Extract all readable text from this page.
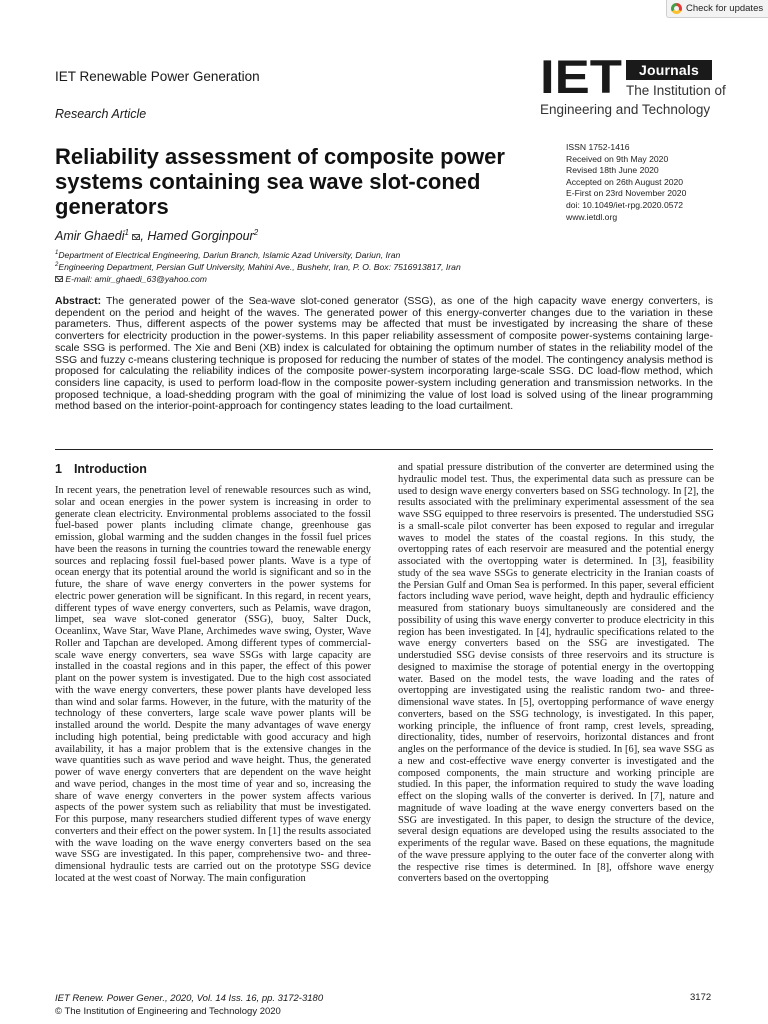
Check for updates
IET Renewable Power Generation
Research Article
IET	Journals
The Institution of
Engineering and Technology
Reliability assessment of composite power systems containing sea wave slot-coned generators
ISSN 1752-1416
Received on 9th May 2020
Revised 18th June 2020
Accepted on 26th August 2020
E-First on 23rd November 2020
doi: 10.1049/iet-rpg.2020.0572
www.ietdl.org
Amir Ghaedi$^1$ , Hamed Gorginpour$^2$
$^1$Department of Electrical Engineering, Dariun Branch, Islamic Azad University, Dariun, Iran
$^2$Engineering Department, Persian Gulf University, Mahini Ave., Bushehr, Iran, P. O. Box: 7516913817, Iran
E-mail: amir_ghaedi_63@yahoo.com

Abstract: The generated power of the Sea-wave slot-coned generator (SSG), as one of the high capacity wave energy converters, is dependent on the period and height of the waves. The generated power of this energy-converter changes due to the variation in these parameters. Thus, different aspects of the power systems may be affected that must be investigated by increasing the share of these converters for electricity production in the power-systems. In this paper reliability assessment of composite power-systems containing large-scale SSG is performed. The Xie and Beni (XB) index is calculated for obtaining the optimum number of states in the reliability model of the SSG and fuzzy c-means clustering technique is proposed for reducing the number of states of the model. The contingency analysis method is proposed for calculating the reliability indices of the composite power-system incorporating large-scale SSG. DC load-flow method, which considers line capacity, is used to perform load-flow in the composite power-system including generation and transmission networks. In the proposed technique, a load-shedding program with the goal of minimizing the value of lost load is solved using of the linear programming method based on the interior-point-approach for contingency states leading to the load curtailment.

1 Introduction

In recent years, the penetration level of renewable resources such as wind, solar and ocean energies in the power system is increasing in order to generate clean electricity. Environmental problems associated to the fossil fuel-based power plants including climate change, greenhouse gas emission, global warming and the sudden changes in the fossil fuel prices have been the reasons in turning the countries toward the renewable energy sources and replacing fossil fuel-based power plants. Wave is a type of ocean energy that its potential around the world is significant and so in the future, the share of wave energy converters in the power systems for electric power generation will be significant. In this regard, in recent years, different types of wave energy converters, such as Pelamis, wave dragon, limpet, sea wave slot-coned generator (SSG), buoy, Salter Duck, Oceanlinx, Wave Star, Wave Plane, Archimedes wave swing, Oyster, Wave Roller and Tapchan are developed. Among different types of commercial-scale wave energy converters, sea wave SSGs with large capacity are installed in the coastal regions and in this paper, the effect of this power plant on the power system is investigated. Due to the high cost associated with the wave energy converters, these power plants have developed less than wind and solar farms. However, in the future, with the maturity of the technology of these converters, large scale wave power plants will be installed around the world. Despite the many advantages of wave energy including high potential, being predictable with good accuracy and high availability, it has a major problem that is the extensive changes in the wave quantities such as wave period and wave height. Thus, the generated power of wave energy converters that are dependent on the wave height and wave period, changes in the most time of year and so, increasing the share of wave energy converters in the power system affects various aspects of the power system such as reliability that must be investigated. For this purpose, many researchers studied different types of wave energy converters and their effect on the power system. In [1] the results associated with the wave loading on the wave energy converters based on the sea wave SSG are investigated. In this paper, comprehensive two- and three-dimensional hydraulic tests are carried out on the prototype SSG device located at the west coast of Norway. The main configuration

and spatial pressure distribution of the converter are determined using the hydraulic model test. Thus, the experimental data such as pressure can be used to design wave energy converters based on SSG technology. In [2], the results associated with the preliminary experimental assessment of the sea wave SSG equipped to three reservoirs is presented. The understudied SSG is a small-scale pilot converter has been exposed to regular and irregular waves to model the states of the coastal regions. In this study, the overtopping rates of each reservoir are measured and the potential energy associated with the overtopping water is determined. In [3], feasibility study of the sea wave SSGs to generate electricity in the Iranian coasts of the Persian Gulf and Oman Sea is performed. In this paper, several efficient factors including wave period, wave height, depth and hydraulic efficiency measured from stationary buoys simultaneously are considered and the possibility of using this wave energy converter to produce electricity in this region has been investigated. In [4], hydraulic specifications related to the wave energy converters based on the SSG are investigated. The understudied SSG devise consists of three reservoirs and its structure is designed to maximise the storage of potential energy in the overtopping water. Based on the model tests, the wave loading and the rates of overtopping are investigated using the realistic random two- and three-dimensional wave states. In [5], overtopping performance of wave energy converters, based on the SSG technology, is investigated. In this paper, working principle, the influence of front ramp, crest levels, spreading, directionality, tides, number of reservoirs, horizontal distances and front angles on the performance of the device is studied. In [6], sea wave SSG as a new and cost-effective wave energy converter is investigated and the composed components, the main structure and working principle are studied. In this paper, the information required to study the wave loading effect on the sloping walls of the converter is derived. In [7], nature and magnitude of wave loading at the wave energy converters based on the SSG are investigated. In this paper, to design the structure of the device, several design equations are developed using the results associated to the experiments of the regular wave. Based on these equations, the magnitude of the wave pressure applying to the outer face of the converter along with the respective rise times is determined. In [8], offshore wave energy converters based on the overtopping

IET Renew. Power Gener., 2020, Vol. 14 Iss. 16, pp. 3172-3180
© The Institution of Engineering and Technology 2020
3172
